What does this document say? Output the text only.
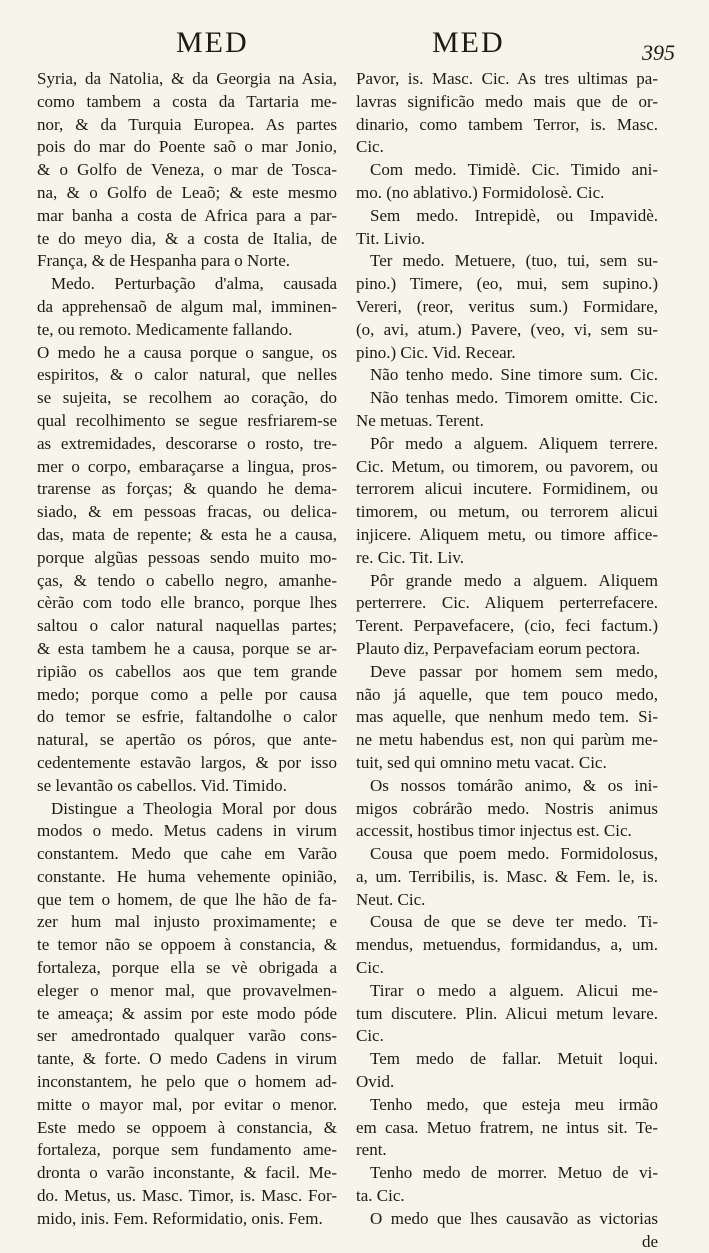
MED	MED	395
Syria, da Natolia, & da Georgia na Asia,
como tambem a costa da Tartaria me-
nor, & da Turquia Europea. As partes
pois do mar do Poente saõ o mar Jonio,
& o Golfo de Veneza, o mar de Tosca-
na, & o Golfo de Leaõ; & este mesmo
mar banha a costa de Africa para a par-
te do meyo dia, & a costa de Italia, de
França, & de Hespanha para o Norte.
Medo. Perturbação d'alma, causada
da apprehensaõ de algum mal, imminen-
te, ou remoto. Medicamente fallando.
O medo he a causa porque o sangue, os
espiritos, & o calor natural, que nelles
se sujeita, se recolhem ao coração, do
qual recolhimento se segue resfriarem-se
as extremidades, descorarse o rosto, tre-
mer o corpo, embaraçarse a lingua, pros-
trarense as forças; & quando he dema-
siado, & em pessoas fracas, ou delica-
das, mata de repente; & esta he a causa,
porque algũas pessoas sendo muito mo-
ças, & tendo o cabello negro, amanhe-
cèrão com todo elle branco, porque lhes
saltou o calor natural naquellas partes;
& esta tambem he a causa, porque se ar-
ripião os cabellos aos que tem grande
medo; porque como a pelle por causa
do temor se esfrie, faltandolhe o calor
natural, se apertão os póros, que ante-
cedentemente estavão largos, & por isso
se levantão os cabellos. Vid. Timido.
Distingue a Theologia Moral por dous
modos o medo. Metus cadens in virum
constantem. Medo que cahe em Varão
constante. He huma vehemente opinião,
que tem o homem, de que lhe hão de fa-
zer hum mal injusto proximamente; e
te temor não se oppoem à constancia, &
fortaleza, porque ella se vè obrigada a
eleger o menor mal, que provavelmen-
te ameaça; & assim por este modo póde
ser amedrontado qualquer varão cons-
tante, & forte. O medo Cadens in virum
inconstantem, he pelo que o homem ad-
mitte o mayor mal, por evitar o menor.
Este medo se oppoem à constancia, &
fortaleza, porque sem fundamento ame-
dronta o varão inconstante, & facil. Me-
do. Metus, us. Masc. Timor, is. Masc. For-
mido, inis. Fem. Reformidatio, onis. Fem.
Pavor, is. Masc. Cic. As tres ultimas pa-
lavras significão medo mais que de or-
dinario, como tambem Terror, is. Masc.
Cic.
Com medo. Timidè. Cic. Timido ani-
mo. (no ablativo.) Formidolosè. Cic.
Sem medo. Intrepidè, ou Impavidè.
Tit. Livio.
Ter medo. Metuere, (tuo, tui, sem su-
pino.) Timere, (eo, mui, sem supino.)
Vereri, (reor, veritus sum.) Formidare,
(o, avi, atum.) Pavere, (veo, vi, sem su-
pino.) Cic. Vid. Recear.
Não tenho medo. Sine timore sum. Cic.
Não tenhas medo. Timorem omitte. Cic.
Ne metuas. Terent.
Pôr medo a alguem. Aliquem terrere.
Cic. Metum, ou timorem, ou pavorem, ou
terrorem alicui incutere. Formidinem, ou
timorem, ou metum, ou terrorem alicui
injicere. Aliquem metu, ou timore affice-
re. Cic. Tit. Liv.
Pôr grande medo a alguem. Aliquem
perterrere. Cic. Aliquem perterrefacere.
Terent. Perpavefacere, (cio, feci factum.)
Plauto diz, Perpavefaciam eorum pectora.
Deve passar por homem sem medo,
não já aquelle, que tem pouco medo,
mas aquelle, que nenhum medo tem. Si-
ne metu habendus est, non qui parùm me-
tuit, sed qui omnino metu vacat. Cic.
Os nossos tomárão animo, & os ini-
migos cobrárão medo. Nostris animus
accessit, hostibus timor injectus est. Cic.
Cousa que poem medo. Formidolosus,
a, um. Terribilis, is. Masc. & Fem. le, is.
Neut. Cic.
Cousa de que se deve ter medo. Ti-
mendus, metuendus, formidandus, a, um.
Cic.
Tirar o medo a alguem. Alicui me-
tum discutere. Plin. Alicui metum levare.
Cic.
Tem medo de fallar. Metuit loqui.
Ovid.
Tenho medo, que esteja meu irmão
em casa. Metuo fratrem, ne intus sit. Te-
rent.
Tenho medo de morrer. Metuo de vi-
ta. Cic.
O medo que lhes causavão as victorias
de
